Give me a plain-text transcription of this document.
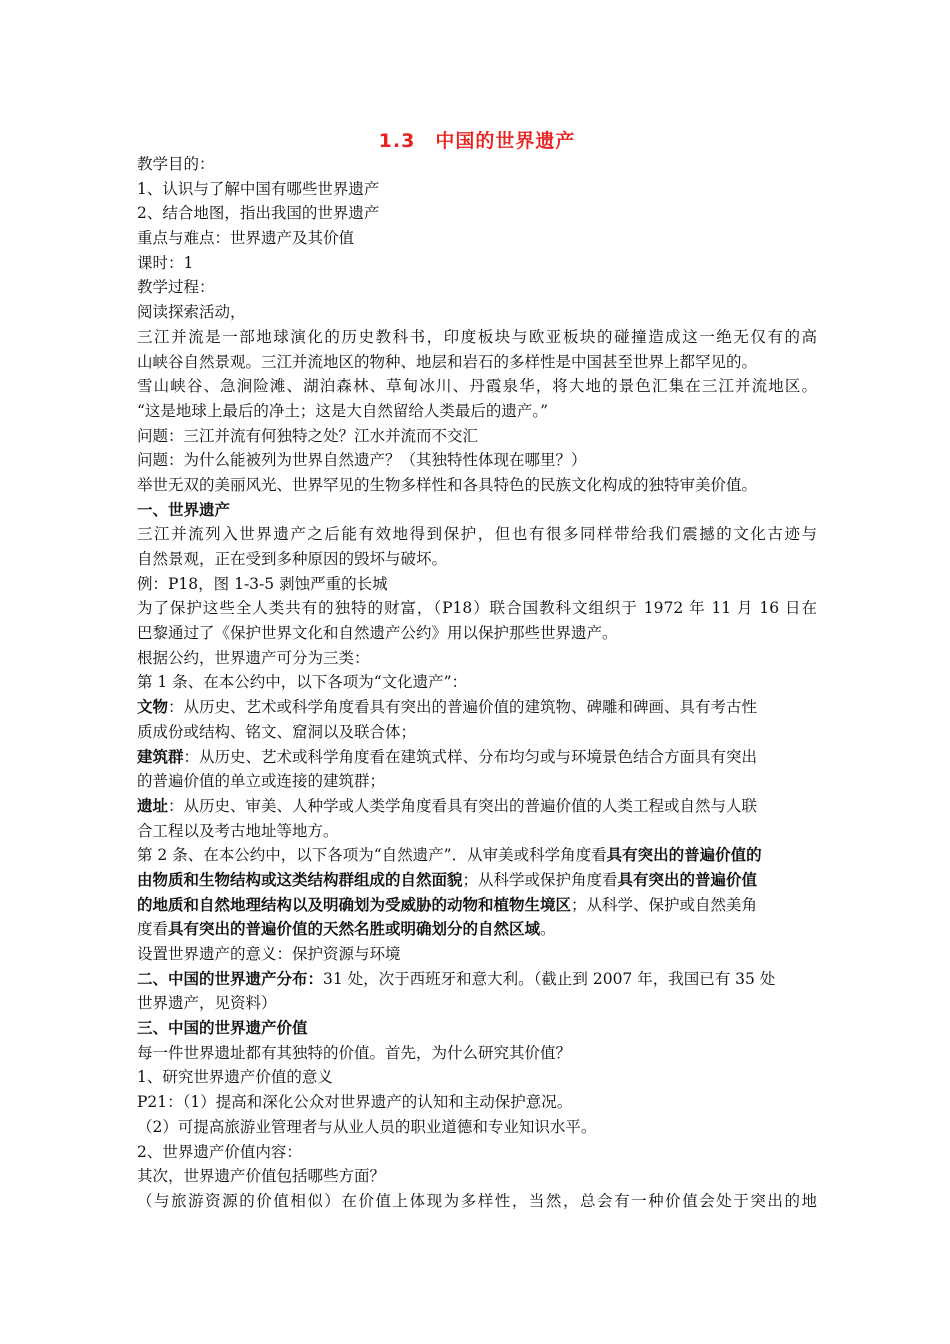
1.3　中国的世界遗产
教学目的：
1、认识与了解中国有哪些世界遗产
2、结合地图，指出我国的世界遗产
重点与难点：世界遗产及其价值
课时：1
教学过程：
阅读探索活动，
三江并流是一部地球演化的历史教科书，印度板块与欧亚板块的碰撞造成这一绝无仅有的高
山峡谷自然景观。三江并流地区的物种、地层和岩石的多样性是中国甚至世界上都罕见的。
雪山峡谷、急涧险滩、湖泊森林、草甸冰川、丹霞泉华，将大地的景色汇集在三江并流地区。
“这是地球上最后的净土；这是大自然留给人类最后的遗产。”
问题：三江并流有何独特之处？江水并流而不交汇
问题：为什么能被列为世界自然遗产？（其独特性体现在哪里？）
举世无双的美丽风光、世界罕见的生物多样性和各具特色的民族文化构成的独特审美价值。
一、世界遗产
三江并流列入世界遗产之后能有效地得到保护，但也有很多同样带给我们震撼的文化古迹与
自然景观，正在受到多种原因的毁坏与破坏。
例：P18，图 1-3-5 剥蚀严重的长城
为了保护这些全人类共有的独特的财富，（P18）联合国教科文组织于 1972 年 11 月 16 日在
巴黎通过了《保护世界文化和自然遗产公约》用以保护那些世界遗产。
根据公约，世界遗产可分为三类：
第 1 条、在本公约中，以下各项为“文化遗产”：
文物：从历史、艺术或科学角度看具有突出的普遍价值的建筑物、碑雕和碑画、具有考古性
质成份或结构、铭文、窟洞以及联合体；
建筑群：从历史、艺术或科学角度看在建筑式样、分布均匀或与环境景色结合方面具有突出
的普遍价值的单立或连接的建筑群；
遗址：从历史、审美、人种学或人类学角度看具有突出的普遍价值的人类工程或自然与人联
合工程以及考古地址等地方。
第 2 条、在本公约中，以下各项为“自然遗产”．从审美或科学角度看具有突出的普遍价值的
由物质和生物结构或这类结构群组成的自然面貌；从科学或保护角度看具有突出的普遍价值
的地质和自然地理结构以及明确划为受威胁的动物和植物生境区；从科学、保护或自然美角
度看具有突出的普遍价值的天然名胜或明确划分的自然区域。
设置世界遗产的意义：保护资源与环境
二、中国的世界遗产分布：31 处，次于西班牙和意大利。（截止到 2007 年，我国已有 35 处
世界遗产，见资料）
三、中国的世界遗产价值
每一件世界遗址都有其独特的价值。首先，为什么研究其价值？
1、研究世界遗产价值的意义
P21：（1）提高和深化公众对世界遗产的认知和主动保护意况。
（2）可提高旅游业管理者与从业人员的职业道德和专业知识水平。
2、世界遗产价值内容：
其次，世界遗产价值包括哪些方面？
（与旅游资源的价值相似）在价值上体现为多样性，当然，总会有一种价值会处于突出的地
